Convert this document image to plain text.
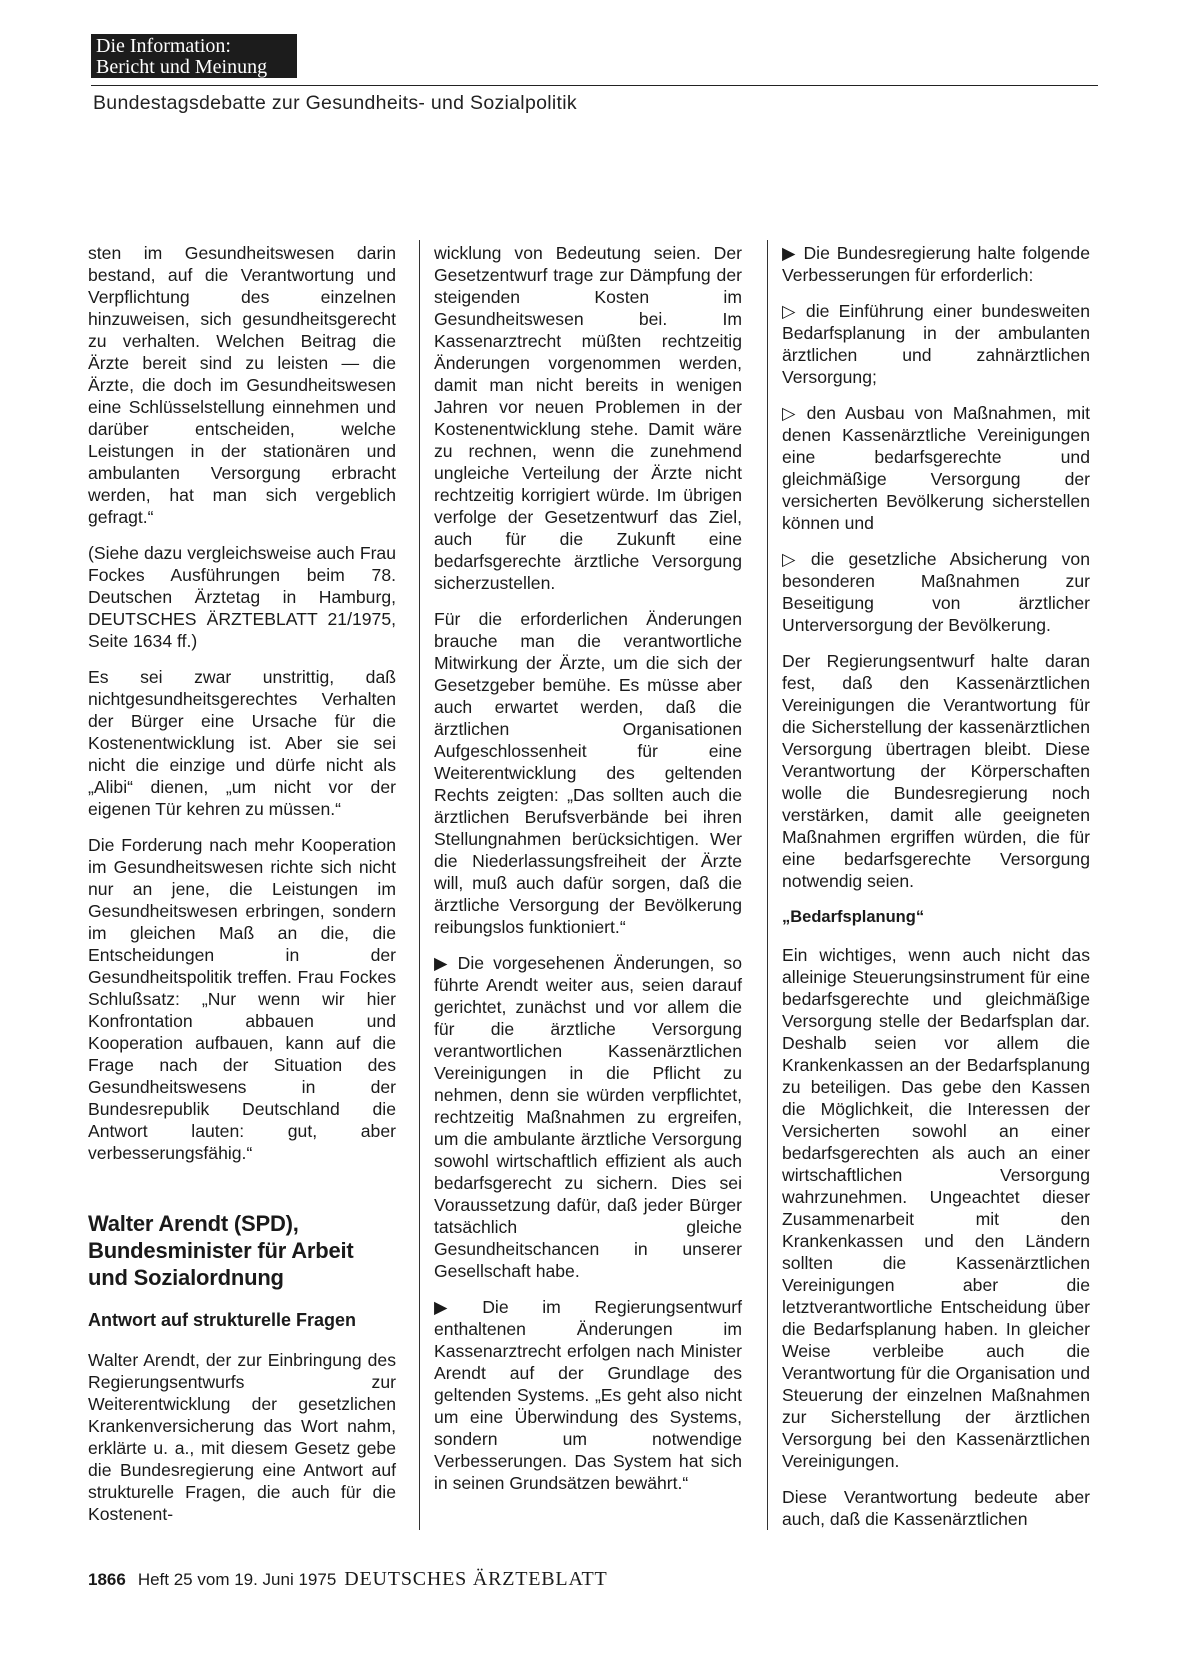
Die Information:
Bericht und Meinung
Bundestagsdebatte zur Gesundheits- und Sozialpolitik

sten im Gesundheitswesen darin bestand, auf die Verantwortung und Verpflichtung des einzelnen hinzuweisen, sich gesundheitsgerecht zu verhalten. Welchen Beitrag die Ärzte bereit sind zu leisten — die Ärzte, die doch im Gesundheitswesen eine Schlüsselstellung einnehmen und darüber entscheiden, welche Leistungen in der stationären und ambulanten Versorgung erbracht werden, hat man sich vergeblich gefragt.“

(Siehe dazu vergleichsweise auch Frau Fockes Ausführungen beim 78. Deutschen Ärztetag in Hamburg, DEUTSCHES ÄRZTEBLATT 21/1975, Seite 1634 ff.)

Es sei zwar unstrittig, daß nichtgesundheitsgerechtes Verhalten der Bürger eine Ursache für die Kostenentwicklung ist. Aber sie sei nicht die einzige und dürfe nicht als „Alibi“ dienen, „um nicht vor der eigenen Tür kehren zu müssen.“

Die Forderung nach mehr Kooperation im Gesundheitswesen richte sich nicht nur an jene, die Leistungen im Gesundheitswesen erbringen, sondern im gleichen Maß an die, die Entscheidungen in der Gesundheitspolitik treffen. Frau Fockes Schlußsatz: „Nur wenn wir hier Konfrontation abbauen und Kooperation aufbauen, kann auf die Frage nach der Situation des Gesundheitswesens in der Bundesrepublik Deutschland die Antwort lauten: gut, aber verbesserungsfähig.“

Walter Arendt (SPD), Bundesminister für Arbeit und Sozialordnung
Antwort auf strukturelle Fragen

Walter Arendt, der zur Einbringung des Regierungsentwurfs zur Weiterentwicklung der gesetzlichen Krankenversicherung das Wort nahm, erklärte u. a., mit diesem Gesetz gebe die Bundesregierung eine Antwort auf strukturelle Fragen, die auch für die Kostenent-

wicklung von Bedeutung seien. Der Gesetzentwurf trage zur Dämpfung der steigenden Kosten im Gesundheitswesen bei. Im Kassenarztrecht müßten rechtzeitig Änderungen vorgenommen werden, damit man nicht bereits in wenigen Jahren vor neuen Problemen in der Kostenentwicklung stehe. Damit wäre zu rechnen, wenn die zunehmend ungleiche Verteilung der Ärzte nicht rechtzeitig korrigiert würde. Im übrigen verfolge der Gesetzentwurf das Ziel, auch für die Zukunft eine bedarfsgerechte ärztliche Versorgung sicherzustellen.

Für die erforderlichen Änderungen brauche man die verantwortliche Mitwirkung der Ärzte, um die sich der Gesetzgeber bemühe. Es müsse aber auch erwartet werden, daß die ärztlichen Organisationen Aufgeschlossenheit für eine Weiterentwicklung des geltenden Rechts zeigten: „Das sollten auch die ärztlichen Berufsverbände bei ihren Stellungnahmen berücksichtigen. Wer die Niederlassungsfreiheit der Ärzte will, muß auch dafür sorgen, daß die ärztliche Versorgung der Bevölkerung reibungslos funktioniert.“

▶ Die vorgesehenen Änderungen, so führte Arendt weiter aus, seien darauf gerichtet, zunächst und vor allem die für die ärztliche Versorgung verantwortlichen Kassenärztlichen Vereinigungen in die Pflicht zu nehmen, denn sie würden verpflichtet, rechtzeitig Maßnahmen zu ergreifen, um die ambulante ärztliche Versorgung sowohl wirtschaftlich effizient als auch bedarfsgerecht zu sichern. Dies sei Voraussetzung dafür, daß jeder Bürger tatsächlich gleiche Gesundheitschancen in unserer Gesellschaft habe.

▶ Die im Regierungsentwurf enthaltenen Änderungen im Kassenarztrecht erfolgen nach Minister Arendt auf der Grundlage des geltenden Systems. „Es geht also nicht um eine Überwindung des Systems, sondern um notwendige Verbesserungen. Das System hat sich in seinen Grundsätzen bewährt.“

▶ Die Bundesregierung halte folgende Verbesserungen für erforderlich:

▷ die Einführung einer bundesweiten Bedarfsplanung in der ambulanten ärztlichen und zahnärztlichen Versorgung;

▷ den Ausbau von Maßnahmen, mit denen Kassenärztliche Vereinigungen eine bedarfsgerechte und gleichmäßige Versorgung der versicherten Bevölkerung sicherstellen können und

▷ die gesetzliche Absicherung von besonderen Maßnahmen zur Beseitigung von ärztlicher Unterversorgung der Bevölkerung.

Der Regierungsentwurf halte daran fest, daß den Kassenärztlichen Vereinigungen die Verantwortung für die Sicherstellung der kassenärztlichen Versorgung übertragen bleibt. Diese Verantwortung der Körperschaften wolle die Bundesregierung noch verstärken, damit alle geeigneten Maßnahmen ergriffen würden, die für eine bedarfsgerechte Versorgung notwendig seien.

„Bedarfsplanung“

Ein wichtiges, wenn auch nicht das alleinige Steuerungsinstrument für eine bedarfsgerechte und gleichmäßige Versorgung stelle der Bedarfsplan dar. Deshalb seien vor allem die Krankenkassen an der Bedarfsplanung zu beteiligen. Das gebe den Kassen die Möglichkeit, die Interessen der Versicherten sowohl an einer bedarfsgerechten als auch an einer wirtschaftlichen Versorgung wahrzunehmen. Ungeachtet dieser Zusammenarbeit mit den Krankenkassen und den Ländern sollten die Kassenärztlichen Vereinigungen aber die letztverantwortliche Entscheidung über die Bedarfsplanung haben. In gleicher Weise verbleibe auch die Verantwortung für die Organisation und Steuerung der einzelnen Maßnahmen zur Sicherstellung der ärztlichen Versorgung bei den Kassenärztlichen Vereinigungen.

Diese Verantwortung bedeute aber auch, daß die Kassenärztlichen

1866 Heft 25 vom 19. Juni 1975 DEUTSCHES ÄRZTEBLATT
